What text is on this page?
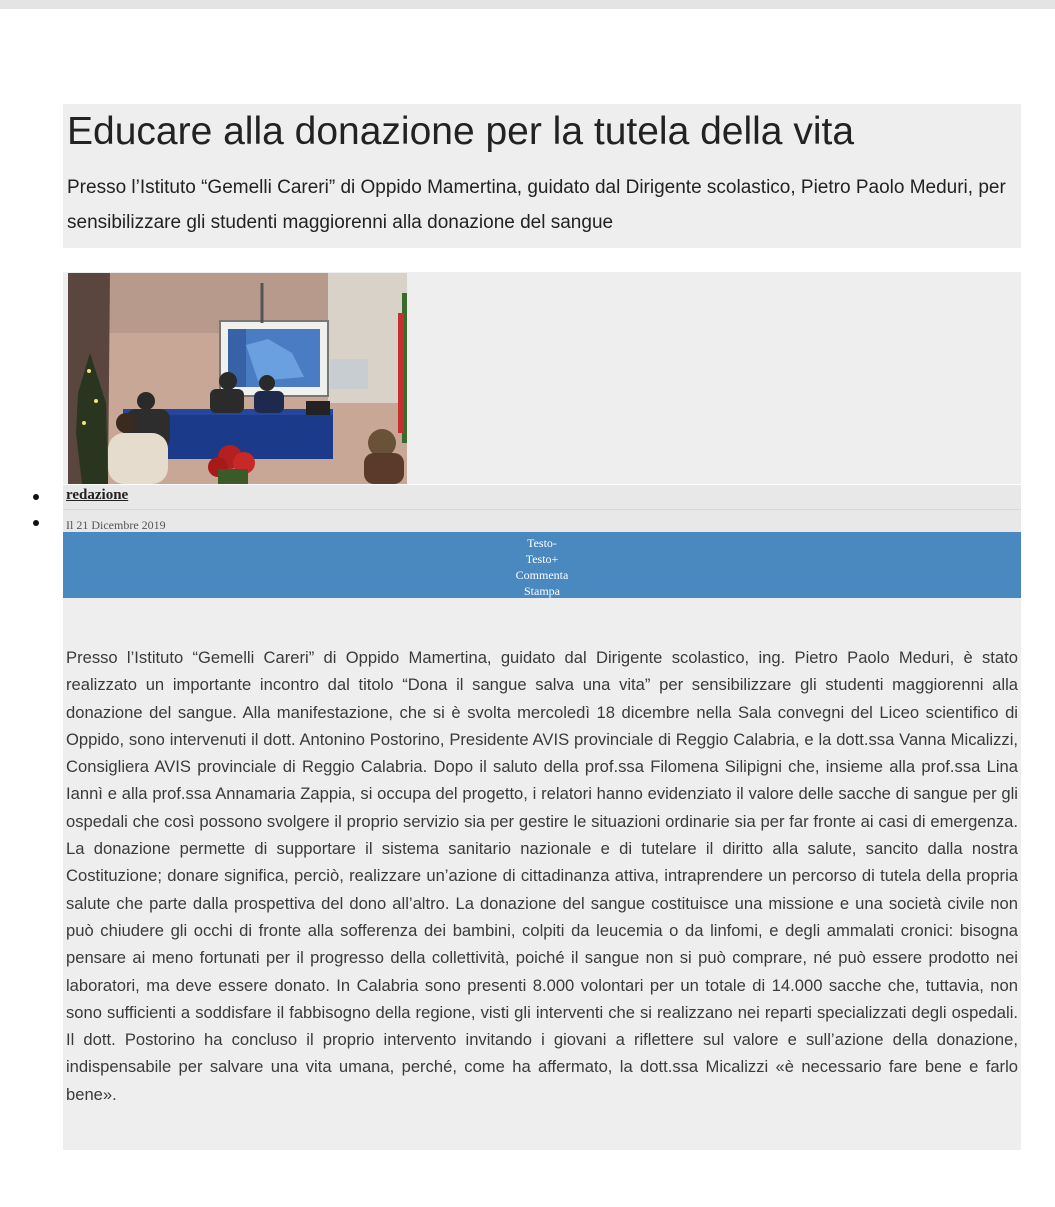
Educare alla donazione per la tutela della vita

Presso l’Istituto “Gemelli Careri” di Oppido Mamertina, guidato dal Dirigente scolastico, Pietro Paolo Meduri, per sensibilizzare gli studenti maggiorenni alla donazione del sangue

redazione
Il 21 Dicembre 2019
Testo-
Testo+
Commenta
Stampa

Presso l’Istituto “Gemelli Careri” di Oppido Mamertina, guidato dal Dirigente scolastico, ing. Pietro Paolo Meduri, è stato realizzato un importante incontro dal titolo “Dona il sangue salva una vita” per sensibilizzare gli studenti maggiorenni alla donazione del sangue. Alla manifestazione, che si è svolta mercoledì 18 dicembre nella Sala convegni del Liceo scientifico di Oppido, sono intervenuti il dott. Antonino Postorino, Presidente AVIS provinciale di Reggio Calabria, e la dott.ssa Vanna Micalizzi, Consigliera AVIS provinciale di Reggio Calabria. Dopo il saluto della prof.ssa Filomena Silipigni che, insieme alla prof.ssa Lina Iannì e alla prof.ssa Annamaria Zappia, si occupa del progetto, i relatori hanno evidenziato il valore delle sacche di sangue per gli ospedali che così possono svolgere il proprio servizio sia per gestire le situazioni ordinarie sia per far fronte ai casi di emergenza. La donazione permette di supportare il sistema sanitario nazionale e di tutelare il diritto alla salute, sancito dalla nostra Costituzione; donare significa, perciò, realizzare un’azione di cittadinanza attiva, intraprendere un percorso di tutela della propria salute che parte dalla prospettiva del dono all’altro. La donazione del sangue costituisce una missione e una società civile non può chiudere gli occhi di fronte alla sofferenza dei bambini, colpiti da leucemia o da linfomi, e degli ammalati cronici: bisogna pensare ai meno fortunati per il progresso della collettività, poiché il sangue non si può comprare, né può essere prodotto nei laboratori, ma deve essere donato. In Calabria sono presenti 8.000 volontari per un totale di 14.000 sacche che, tuttavia, non sono sufficienti a soddisfare il fabbisogno della regione, visti gli interventi che si realizzano nei reparti specializzati degli ospedali. Il dott. Postorino ha concluso il proprio intervento invitando i giovani a riflettere sul valore e sull’azione della donazione, indispensabile per salvare una vita umana, perché, come ha affermato, la dott.ssa Micalizzi «è necessario fare bene e farlo bene».
